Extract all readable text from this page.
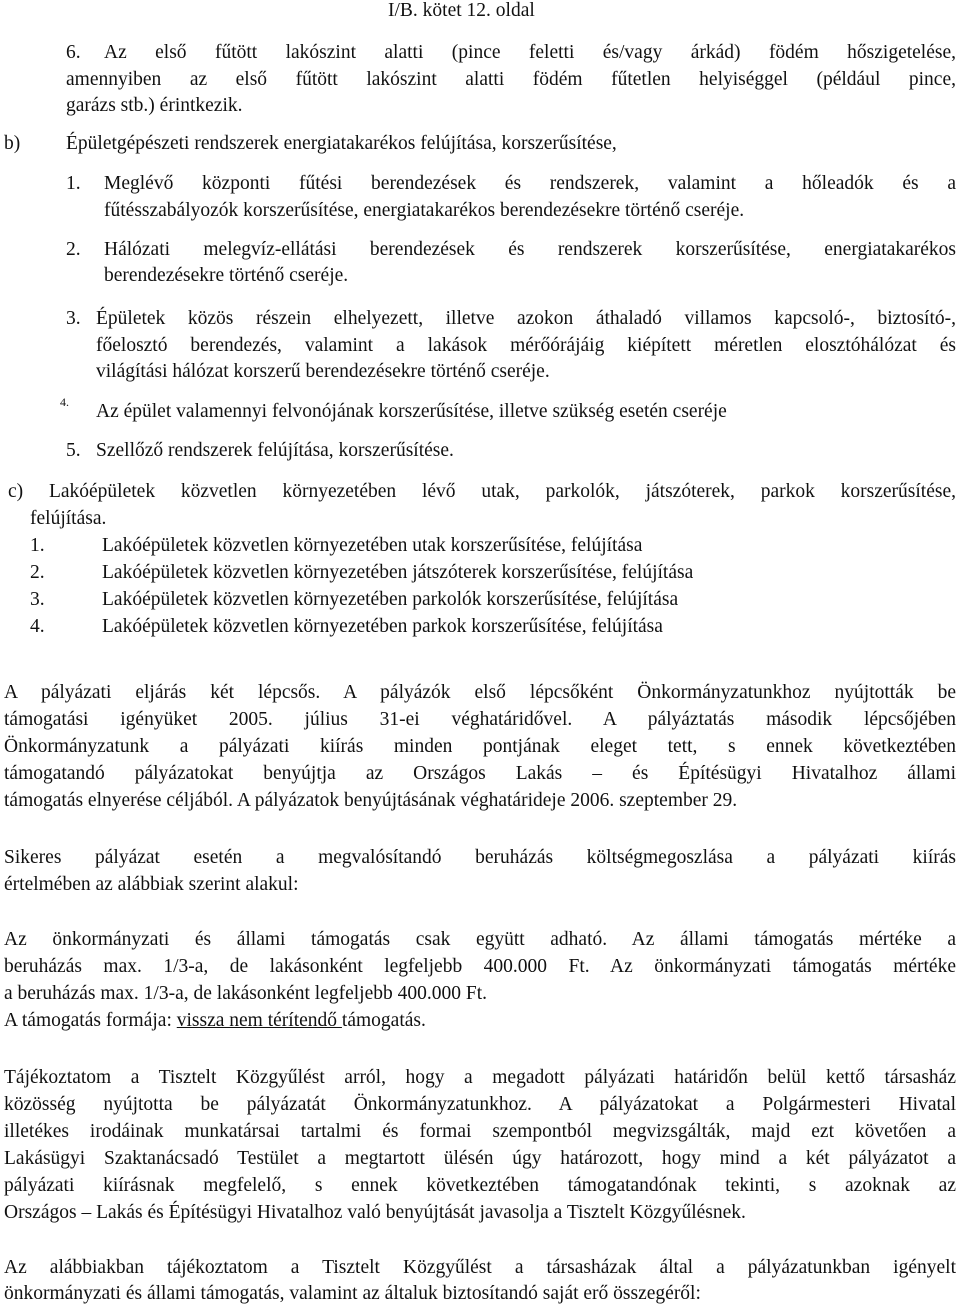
I/B. kötet 12. oldal
6. Az első fűtött lakószint alatti (pince feletti és/vagy árkád) födém hőszigetelése,
amennyiben az első fűtött lakószint alatti födém fűtetlen helyiséggel (például pince,
garázs stb.) érintkezik.
b) Épületgépészeti rendszerek energiatakarékos felújítása, korszerűsítése,
1. Meglévő központi fűtési berendezések és rendszerek, valamint a hőleadók és a
fűtésszabályozók korszerűsítése, energiatakarékos berendezésekre történő cseréje.
2. Hálózati melegvíz-ellátási berendezések és rendszerek korszerűsítése, energiatakarékos
berendezésekre történő cseréje.
3. Épületek közös részein elhelyezett, illetve azokon áthaladó villamos kapcsoló-, biztosító-,
főelosztó berendezés, valamint a lakások mérőórájáig kiépített méretlen elosztóhálózat és
világítási hálózat korszerű berendezésekre történő cseréje.
4. Az épület valamennyi felvonójának korszerűsítése, illetve szükség esetén cseréje
5. Szellőző rendszerek felújítása, korszerűsítése.
c) Lakóépületek közvetlen környezetében lévő utak, parkolók, játszóterek, parkok korszerűsítése,
felújítása.
1.	Lakóépületek közvetlen környezetében utak korszerűsítése, felújítása
2.	Lakóépületek közvetlen környezetében játszóterek korszerűsítése, felújítása
3.	Lakóépületek közvetlen környezetében parkolók korszerűsítése, felújítása
4.	Lakóépületek közvetlen környezetében parkok korszerűsítése, felújítása
A pályázati eljárás két lépcsős. A pályázók első lépcsőként Önkormányzatunkhoz nyújtották be
támogatási igényüket 2005. július 31-ei véghatáridővel. A pályáztatás második lépcsőjében
Önkormányzatunk a pályázati kiírás minden pontjának eleget tett, s ennek következtében
támogatandó pályázatokat benyújtja az Országos Lakás – és Építésügyi Hivatalhoz állami
támogatás elnyerése céljából. A pályázatok benyújtásának véghatárideje 2006. szeptember 29.
Sikeres pályázat esetén a megvalósítandó beruházás költségmegoszlása a pályázati kiírás
értelmében az alábbiak szerint alakul:
Az önkormányzati és állami támogatás csak együtt adható. Az állami támogatás mértéke a
beruházás max. 1/3-a, de lakásonként legfeljebb 400.000 Ft. Az önkormányzati támogatás mértéke
a beruházás max. 1/3-a, de lakásonként legfeljebb 400.000 Ft.
A támogatás formája: vissza nem térítendő támogatás.
Tájékoztatom a Tisztelt Közgyűlést arról, hogy a megadott pályázati határidőn belül kettő társasház
közösség nyújtotta be pályázatát Önkormányzatunkhoz. A pályázatokat a Polgármesteri Hivatal
illetékes irodáinak munkatársai tartalmi és formai szempontból megvizsgálták, majd ezt követően a
Lakásügyi Szaktanácsadó Testület a megtartott ülésén úgy határozott, hogy mind a két pályázatot a
pályázati kiírásnak megfelelő, s ennek következtében támogatandónak tekinti, s azoknak az
Országos – Lakás és Építésügyi Hivatalhoz való benyújtását javasolja a Tisztelt Közgyűlésnek.
Az alábbiakban tájékoztatom a Tisztelt Közgyűlést a társasházak által a pályázatunkban igényelt
önkormányzati és állami támogatás, valamint az általuk biztosítandó saját erő összegéről:
